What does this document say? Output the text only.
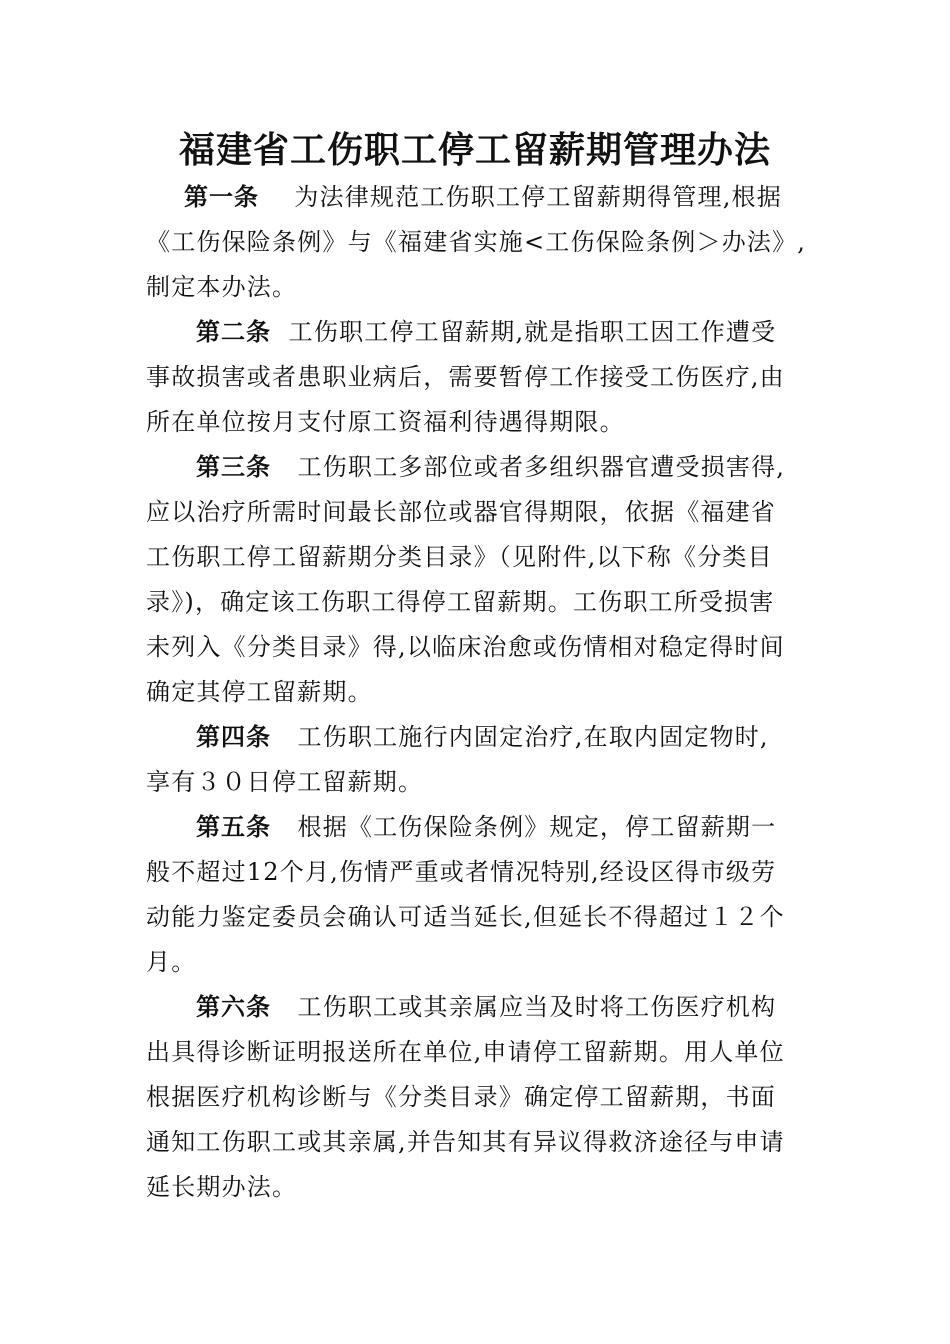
福建省工伤职工停工留薪期管理办法
第一条 为法律规范工伤职工停工留薪期得管理,根据
《工伤保险条例》与《福建省实施<工伤保险条例＞办法》,
制定本办法。
第二条 工伤职工停工留薪期,就是指职工因工作遭受
事故损害或者患职业病后，需要暂停工作接受工伤医疗,由
所在单位按月支付原工资福利待遇得期限。
第三条 工伤职工多部位或者多组织器官遭受损害得,
应以治疗所需时间最长部位或器官得期限，依据《福建省
工伤职工停工留薪期分类目录》（见附件,以下称《分类目
录》)，确定该工伤职工得停工留薪期。工伤职工所受损害
未列入《分类目录》得,以临床治愈或伤情相对稳定得时间
确定其停工留薪期。
第四条 工伤职工施行内固定治疗,在取内固定物时,
享有３０日停工留薪期。
第五条 根据《工伤保险条例》规定，停工留薪期一
般不超过12个月,伤情严重或者情况特别,经设区得市级劳
动能力鉴定委员会确认可适当延长,但延长不得超过１２个
月。
第六条 工伤职工或其亲属应当及时将工伤医疗机构
出具得诊断证明报送所在单位,申请停工留薪期。用人单位
根据医疗机构诊断与《分类目录》确定停工留薪期，书面
通知工伤职工或其亲属,并告知其有异议得救济途径与申请
延长期办法。
